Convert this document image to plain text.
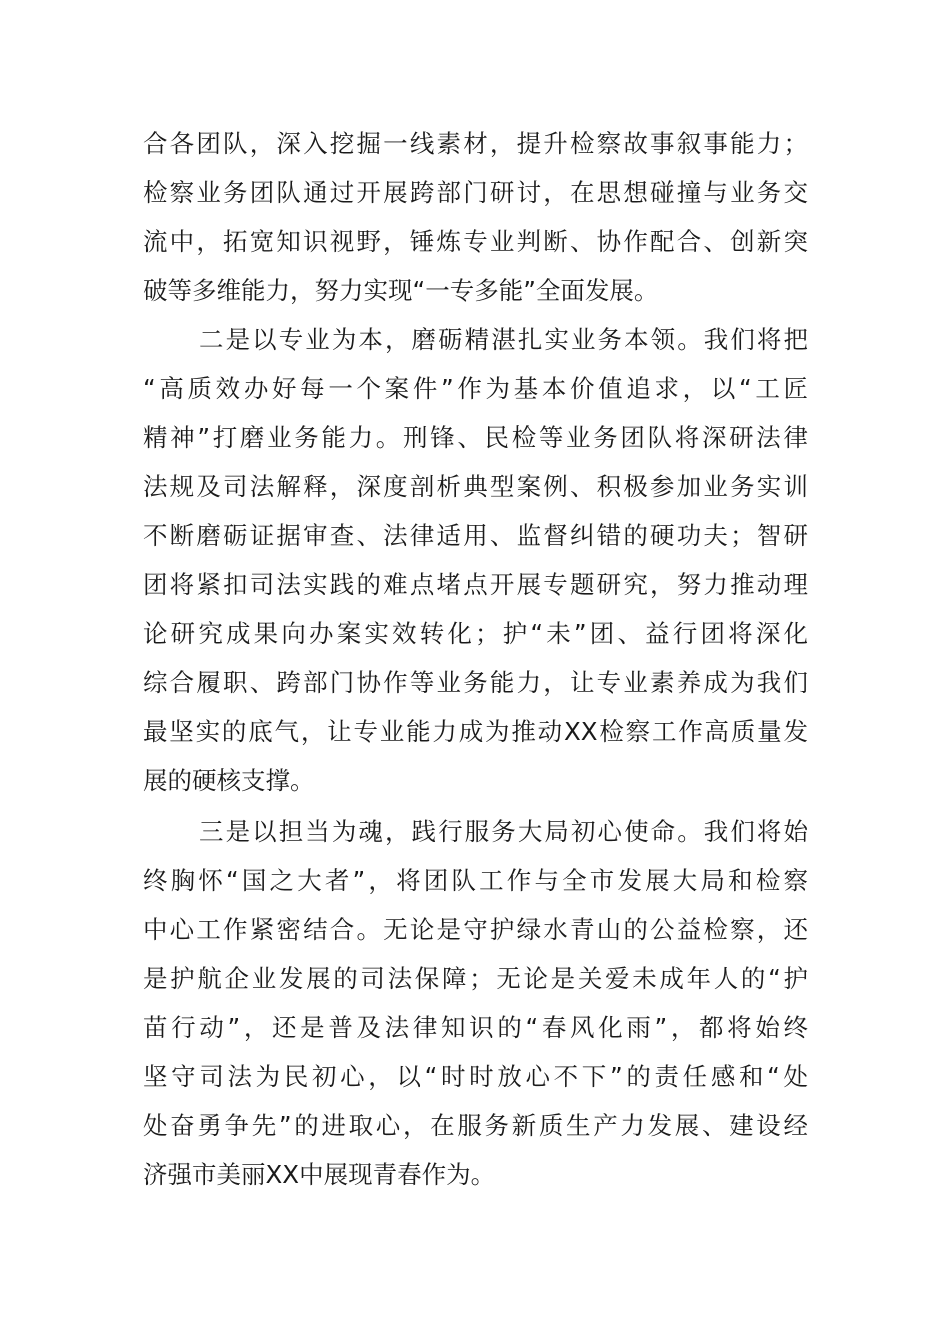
合各团队，深入挖掘一线素材，提升检察故事叙事能力；
检察业务团队通过开展跨部门研讨，在思想碰撞与业务交
流中，拓宽知识视野，锤炼专业判断、协作配合、创新突
破等多维能力，努力实现“一专多能”全面发展。
二是以专业为本，磨砺精湛扎实业务本领。我们将把
“高质效办好每一个案件”作为基本价值追求，以“工匠
精神”打磨业务能力。刑锋、民检等业务团队将深研法律
法规及司法解释，深度剖析典型案例、积极参加业务实训
不断磨砺证据审查、法律适用、监督纠错的硬功夫；智研
团将紧扣司法实践的难点堵点开展专题研究，努力推动理
论研究成果向办案实效转化；护“未”团、益行团将深化
综合履职、跨部门协作等业务能力，让专业素养成为我们
最坚实的底气，让专业能力成为推动XX检察工作高质量发
展的硬核支撑。
三是以担当为魂，践行服务大局初心使命。我们将始
终胸怀“国之大者”，将团队工作与全市发展大局和检察
中心工作紧密结合。无论是守护绿水青山的公益检察，还
是护航企业发展的司法保障；无论是关爱未成年人的“护
苗行动”，还是普及法律知识的“春风化雨”，都将始终
坚守司法为民初心，以“时时放心不下”的责任感和“处
处奋勇争先”的进取心，在服务新质生产力发展、建设经
济强市美丽XX中展现青春作为。
